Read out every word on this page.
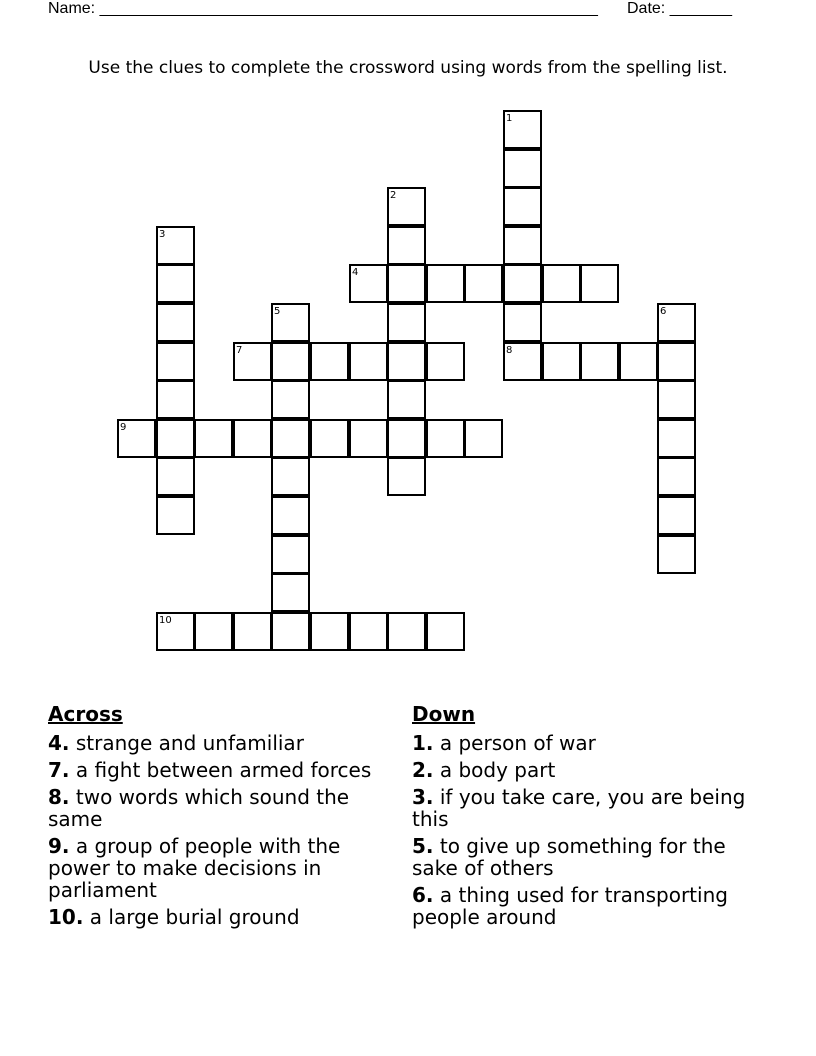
Name: ________________________________________________________ Date: _______
Use the clues to complete the crossword using words from the spelling list.
1
8
2
3
4
5	6
7
9
10
Across
4. strange and unfamiliar
7. a fight between armed forces
8. two words which sound the same
9. a group of people with the power to make decisions in parliament
10. a large burial ground
Down
1. a person of war
2. a body part
3. if you take care, you are being this
5. to give up something for the sake of others
6. a thing used for transporting people around
